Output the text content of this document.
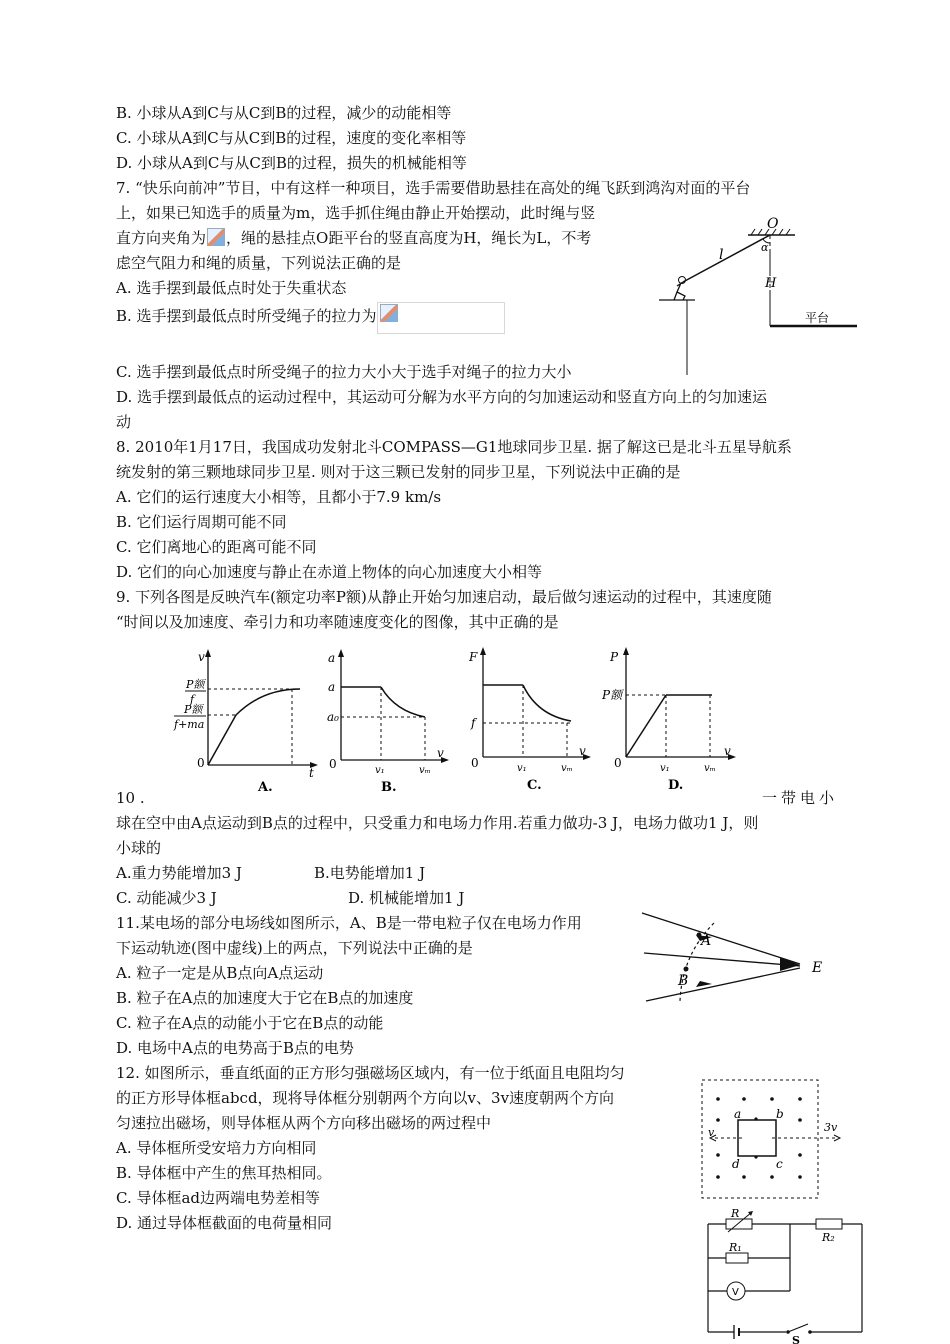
B. 小球从A到C与从C到B的过程，减少的动能相等
C. 小球从A到C与从C到B的过程，速度的变化率相等
D. 小球从A到C与从C到B的过程，损失的机械能相等
7. “快乐向前冲”节目，中有这样一种项目，选手需要借助悬挂在高处的绳飞跃到鸿沟对面的平台
上，如果已知选手的质量为m，选手抓住绳由静止开始摆动，此时绳与竖
直方向夹角为 ，绳的悬挂点O距平台的竖直高度为H，绳长为L，不考
虑空气阻力和绳的质量，下列说法正确的是
A. 选手摆到最低点时处于失重状态
B. 选手摆到最低点时所受绳子的拉力为
C. 选手摆到最低点时所受绳子的拉力大小大于选手对绳子的拉力大小
D. 选手摆到最低点的运动过程中，其运动可分解为水平方向的匀加速运动和竖直方向上的匀加速运
动
O
α
l
H
平台
8. 2010年1月17日，我国成功发射北斗COMPASS—G1地球同步卫星. 据了解这已是北斗五星导航系
统发射的第三颗地球同步卫星. 则对于这三颗已发射的同步卫星，下列说法中正确的是
A. 它们的运行速度大小相等，且都小于7.9 km/s
B. 它们运行周期可能不同
C. 它们离地心的距离可能不同
D. 它们的向心加速度与静止在赤道上物体的向心加速度大小相等
9. 下列各图是反映汽车(额定功率P额)从静止开始匀加速启动，最后做匀速运动的过程中，其速度随
“时间以及加速度、牵引力和功率随速度变化的图像，其中正确的是
v
t
0
P额
f
P额
f+ma
A.
a
v
0
a
a₀
v₁	vₘ
B.
F
v
0
f
v₁	vₘ
C.
P
v
0
P额
v₁	vₘ
D.
10 .	一带电小
球在空中由A点运动到B点的过程中，只受重力和电场力作用.若重力做功-3 J，电场力做功1 J，则
小球的
A.重力势能增加3 J	B.电势能增加1 J
C. 动能减少3 J	D. 机械能增加1 J
11.某电场的部分电场线如图所示，A、B是一带电粒子仅在电场力作用
下运动轨迹(图中虚线)上的两点，下列说法中正确的是
A. 粒子一定是从B点向A点运动
B. 粒子在A点的加速度大于它在B点的加速度
C. 粒子在A点的动能小于它在B点的动能
D. 电场中A点的电势高于B点的电势
A
B
E
12. 如图所示，垂直纸面的正方形匀强磁场区域内，有一位于纸面且电阻均匀
的正方形导体框abcd，现将导体框分别朝两个方向以v、3v速度朝两个方向
匀速拉出磁场，则导体框从两个方向移出磁场的两过程中
A. 导体框所受安培力方向相同
B. 导体框中产生的焦耳热相同。
C. 导体框ad边两端电势差相等
D. 通过导体框截面的电荷量相同
a	b
c
d
v	3v
R
R₂
R₁
V
S
